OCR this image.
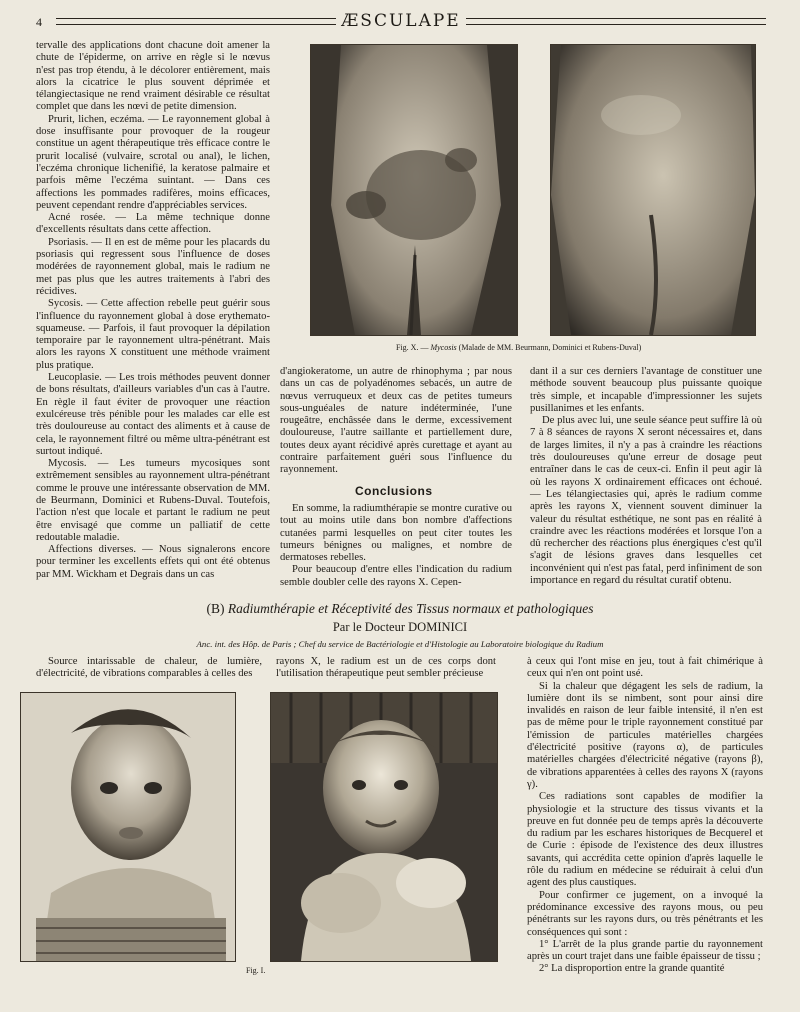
4	ÆSCULAPE

tervalle des applications dont chacune doit amener la chute de l'épiderme, on arrive en règle si le nœvus n'est pas trop étendu, à le décolorer entièrement, mais alors la cicatrice le plus souvent déprimée et télangiectasique ne rend vraiment désirable ce résultat complet que dans les nœvi de petite dimension.

Prurit, lichen, eczéma. — Le rayonnement global à dose insuffisante pour provoquer de la rougeur constitue un agent thérapeutique très efficace contre le prurit localisé (vulvaire, scrotal ou anal), le lichen, l'eczéma chronique lichenifié, la keratose palmaire et parfois même l'eczéma suintant. — Dans ces affections les pommades radifères, moins efficaces, peuvent cependant rendre d'appréciables services.

Acné rosée. — La même technique donne d'excellents résultats dans cette affection.

Psoriasis. — Il en est de même pour les placards du psoriasis qui regressent sous l'influence de doses modérées de rayonnement global, mais le radium ne met pas plus que les autres traitements à l'abri des récidives.

Sycosis. — Cette affection rebelle peut guérir sous l'influence du rayonnement global à dose erythemato-squameuse. — Parfois, il faut provoquer la dépilation temporaire par le rayonnement ultra-pénétrant. Mais alors les rayons X constituent une méthode vraiment plus pratique.

Leucoplasie. — Les trois méthodes peuvent donner de bons résultats, d'ailleurs variables d'un cas à l'autre. En règle il faut éviter de provoquer une réaction exulcéreuse très pénible pour les malades car elle est très douloureuse au contact des aliments et à cause de cela, le rayonnement filtré ou même ultra-pénétrant est surtout indiqué.

Mycosis. — Les tumeurs mycosiques sont extrêmement sensibles au rayonnement ultra-pénétrant comme le prouve une intéressante observation de MM. de Beurmann, Dominici et Rubens-Duval. Toutefois, l'action n'est que locale et partant le radium ne peut être envisagé que comme un palliatif de cette redoutable maladie.

Affections diverses. — Nous signalerons encore pour terminer les excellents effets qui ont été obtenus par MM. Wickham et Degrais dans un cas

Fig. X. — Mycosis (Malade de MM. Beurmann, Dominici et Rubens-Duval)

d'angiokeratome, un autre de rhinophyma ; par nous dans un cas de polyadénomes sebacés, un autre de nœvus verruqueux et deux cas de petites tumeurs sous-unguéales de nature indéterminée, l'une rougeâtre, enchâssée dans le derme, excessivement douloureuse, l'autre saillante et partiellement dure, toutes deux ayant récidivé après curettage et ayant au contraire parfaitement guéri sous l'influence du rayonnement.

Conclusions

En somme, la radiumthérapie se montre curative ou tout au moins utile dans bon nombre d'affections cutanées parmi lesquelles on peut citer toutes les tumeurs bénignes ou malignes, et nombre de dermatoses rebelles.

Pour beaucoup d'entre elles l'indication du radium semble doubler celle des rayons X. Cepen-

dant il a sur ces derniers l'avantage de constituer une méthode souvent beaucoup plus puissante quoique très simple, et incapable d'impressionner les sujets pusillanimes et les enfants.

De plus avec lui, une seule séance peut suffire là où 7 à 8 séances de rayons X seront nécessaires et, dans de larges limites, il n'y a pas à craindre les réactions très douloureuses qu'une erreur de dosage peut entraîner dans le cas de ceux-ci. Enfin il peut agir là où les rayons X ordinairement efficaces ont échoué. — Les télangiectasies qui, après le radium comme après les rayons X, viennent souvent diminuer la valeur du résultat esthétique, ne sont pas en réalité à craindre avec les réactions modérées et lorsque l'on a dû rechercher des réactions plus énergiques c'est qu'il s'agit de lésions graves dans lesquelles cet inconvénient qui n'est pas fatal, perd infiniment de son importance en regard du résultat curatif obtenu.

(B) Radiumthérapie et Réceptivité des Tissus normaux et pathologiques
Par le Docteur DOMINICI
Anc. int. des Hôp. de Paris ; Chef du service de Bactériologie et d'Histologie au Laboratoire biologique du Radium

Source intarissable de chaleur, de lumière, d'électricité, de vibrations comparables à celles des

rayons X, le radium est un de ces corps dont l'utilisation thérapeutique peut sembler précieuse

Fig. I.

à ceux qui l'ont mise en jeu, tout à fait chimérique à ceux qui n'en ont point usé.

Si la chaleur que dégagent les sels de radium, la lumière dont ils se nimbent, sont pour ainsi dire invalidés en raison de leur faible intensité, il n'en est pas de même pour le triple rayonnement constitué par l'émission de particules matérielles chargées d'électricité positive (rayons α), de particules matérielles chargées d'électricité négative (rayons β), de vibrations apparentées à celles des rayons X (rayons γ).

Ces radiations sont capables de modifier la physiologie et la structure des tissus vivants et la preuve en fut donnée peu de temps après la découverte du radium par les eschares historiques de Becquerel et de Curie : épisode de l'existence des deux illustres savants, qui accrédita cette opinion d'après laquelle le rôle du radium en médecine se réduirait à celui d'un agent des plus caustiques.

Pour confirmer ce jugement, on a invoqué la prédominance excessive des rayons mous, ou peu pénétrants sur les rayons durs, ou très pénétrants et les conséquences qui sont :

1° L'arrêt de la plus grande partie du rayonnement après un court trajet dans une faible épaisseur de tissu ;

2° La disproportion entre la grande quantité
